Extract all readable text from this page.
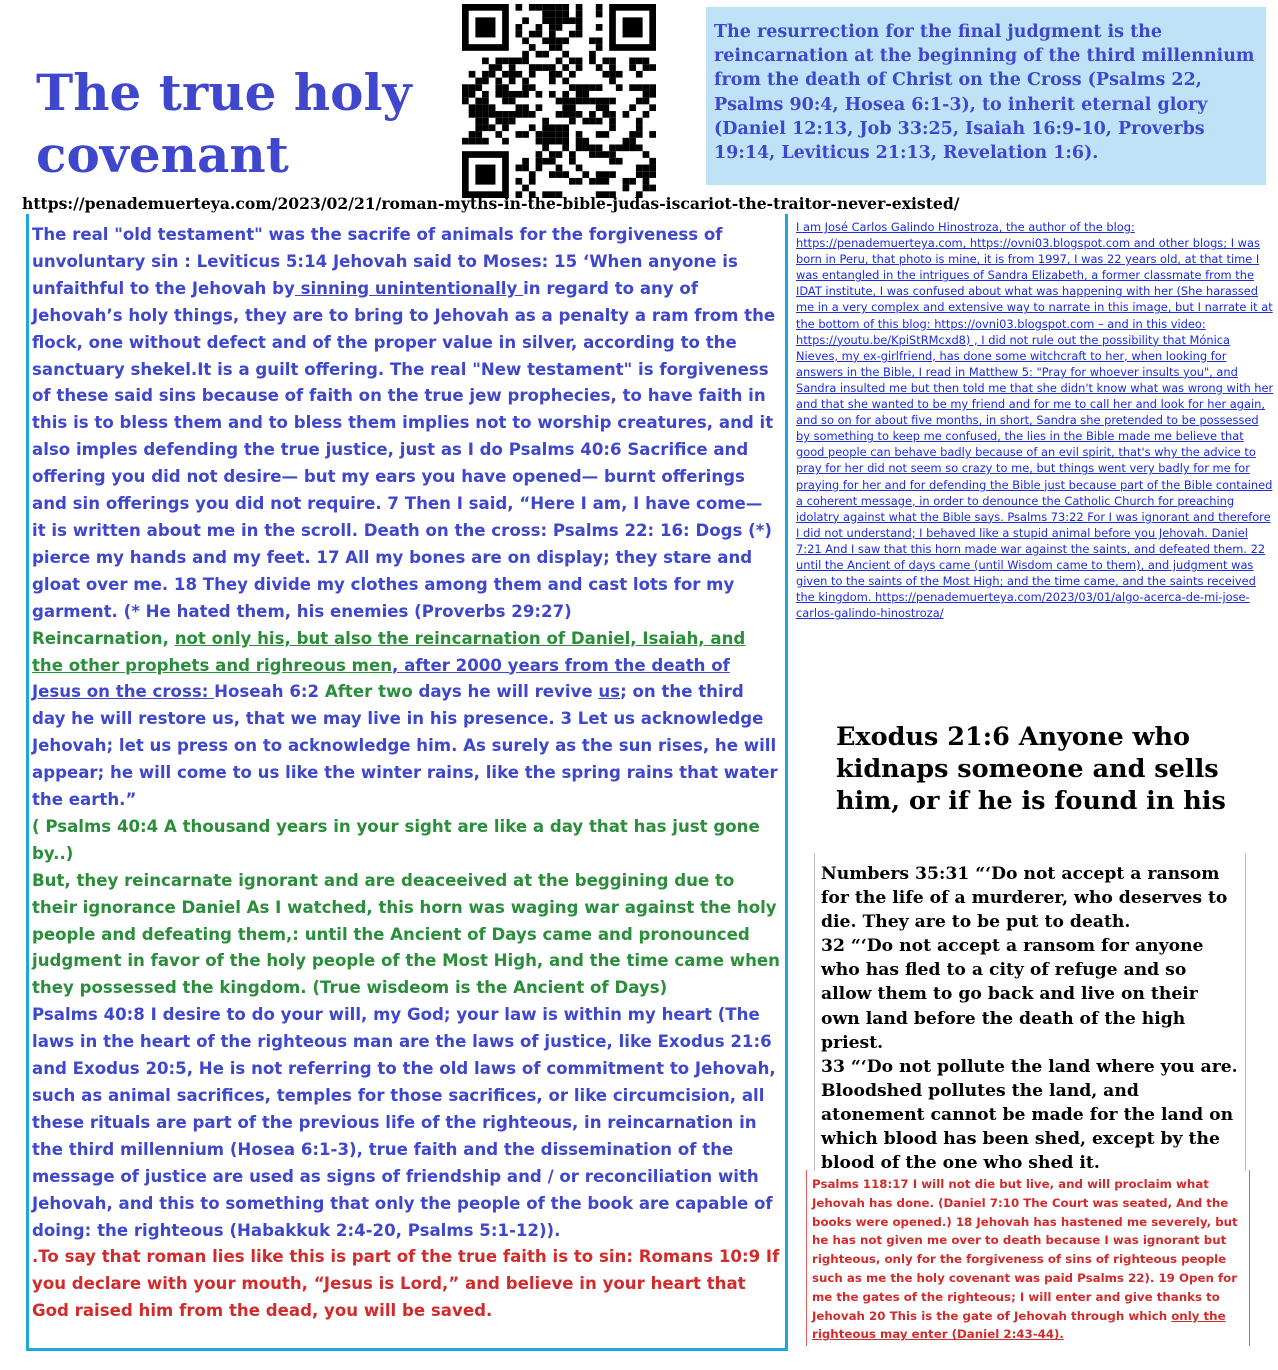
The true holy covenant

The resurrection for the final judgment is the reincarnation at the beginning of the third millennium from the death of Christ on the Cross (Psalms 22, Psalms 90:4, Hosea 6:1-3), to inherit eternal glory (Daniel 12:13, Job 33:25, Isaiah 16:9-10, Proverbs 19:14, Leviticus 21:13, Revelation 1:6).

https://penademuerteya.com/2023/02/21/roman-myths-in-the-bible-judas-iscariot-the-traitor-never-existed/
The real "old testament" was the sacrife of animals for the forgiveness of unvoluntary sin : Leviticus 5:14 Jehovah said to Moses: 15 ‘When anyone is unfaithful to the Jehovah by sinning unintentionally in regard to any of Jehovah’s holy things, they are to bring to Jehovah as a penalty a ram from the flock, one without defect and of the proper value in silver, according to the sanctuary shekel.It is a guilt offering. The real "New testament" is forgiveness of these said sins because of faith on the true jew prophecies, to have faith in this is to bless them and to bless them implies not to worship creatures, and it also imples defending the true justice, just as I do Psalms 40:6 Sacrifice and offering you did not desire— but my ears you have opened— burnt offerings and sin offerings you did not require. 7 Then I said, “Here I am, I have come— it is written about me in the scroll. Death on the cross: Psalms 22: 16: Dogs (*) pierce my hands and my feet. 17 All my bones are on display; they stare and gloat over me. 18 They divide my clothes among them and cast lots for my garment. (* He hated them, his enemies (Proverbs 29:27)
Reincarnation, not only his, but also the reincarnation of Daniel, Isaiah, and the other prophets and righreous men, after 2000 years from the death of Jesus on the cross: Hoseah 6:2 After two days he will revive us; on the third day he will restore us, that we may live in his presence. 3 Let us acknowledge Jehovah; let us press on to acknowledge him. As surely as the sun rises, he will appear; he will come to us like the winter rains, like the spring rains that water the earth.”
( Psalms 40:4 A thousand years in your sight are like a day that has just gone by..)
But, they reincarnate ignorant and are deaceeived at the beggining due to their ignorance Daniel As I watched, this horn was waging war against the holy people and defeating them,: until the Ancient of Days came and pronounced judgment in favor of the holy people of the Most High, and the time came when they possessed the kingdom. (True wisdeom is the Ancient of Days)
Psalms 40:8 I desire to do your will, my God; your law is within my heart (The laws in the heart of the righteous man are the laws of justice, like Exodus 21:6 and Exodus 20:5, He is not referring to the old laws of commitment to Jehovah, such as animal sacrifices, temples for those sacrifices, or like circumcision, all these rituals are part of the previous life of the righteous, in reincarnation in the third millennium (Hosea 6:1-3), true faith and the dissemination of the message of justice are used as signs of friendship and / or reconciliation with Jehovah, and this to something that only the people of the book are capable of doing: the righteous (Habakkuk 2:4-20, Psalms 5:1-12)).
.To say that roman lies like this is part of the true faith is to sin: Romans 10:9 If you declare with your mouth, “Jesus is Lord,” and believe in your heart that God raised him from the dead, you will be saved.

I am José Carlos Galindo Hinostroza, the author of the blog: https://penademuerteya.com, https://ovni03.blogspot.com and other blogs; I was born in Peru, that photo is mine, it is from 1997, I was 22 years old, at that time I was entangled in the intrigues of Sandra Elizabeth, a former classmate from the IDAT institute, I was confused about what was happening with her (She harassed me in a very complex and extensive way to narrate in this image, but I narrate it at the bottom of this blog: https://ovni03.blogspot.com – and in this video: https://youtu.be/KpiStRMcxd8) , I did not rule out the possibility that Mónica Nieves, my ex-girlfriend, has done some witchcraft to her, when looking for answers in the Bible, I read in Matthew 5: "Pray for whoever insults you", and Sandra insulted me but then told me that she didn't know what was wrong with her and that she wanted to be my friend and for me to call her and look for her again, and so on for about five months, in short, Sandra she pretended to be possessed by something to keep me confused, the lies in the Bible made me believe that good people can behave badly because of an evil spirit, that's why the advice to pray for her did not seem so crazy to me, but things went very badly for me for praying for her and for defending the Bible just because part of the Bible contained a coherent message, in order to denounce the Catholic Church for preaching idolatry against what the Bible says. Psalms 73:22 For I was ignorant and therefore I did not understand; I behaved like a stupid animal before you Jehovah. Daniel 7:21 And I saw that this horn made war against the saints, and defeated them. 22 until the Ancient of days came (until Wisdom came to them), and judgment was given to the saints of the Most High; and the time came, and the saints received the kingdom. https://penademuerteya.com/2023/03/01/algo-acerca-de-mi-jose-carlos-galindo-hinostroza/

Exodus 21:6 Anyone who kidnaps someone and sells him, or if he is found in his

Numbers 35:31 “‘Do not accept a ransom for the life of a murderer, who deserves to die. They are to be put to death.
32 “‘Do not accept a ransom for anyone who has fled to a city of refuge and so allow them to go back and live on their own land before the death of the high priest.
33 “‘Do not pollute the land where you are. Bloodshed pollutes the land, and atonement cannot be made for the land on which blood has been shed, except by the blood of the one who shed it.

Psalms 118:17 I will not die but live, and will proclaim what Jehovah has done. (Daniel 7:10 The Court was seated, And the books were opened.) 18 Jehovah has hastened me severely, but he has not given me over to death because I was ignorant but righteous, only for the forgiveness of sins of righteous people such as me the holy covenant was paid Psalms 22). 19 Open for me the gates of the righteous; I will enter and give thanks to Jehovah 20 This is the gate of Jehovah through which only the righteous may enter (Daniel 2:43-44).
